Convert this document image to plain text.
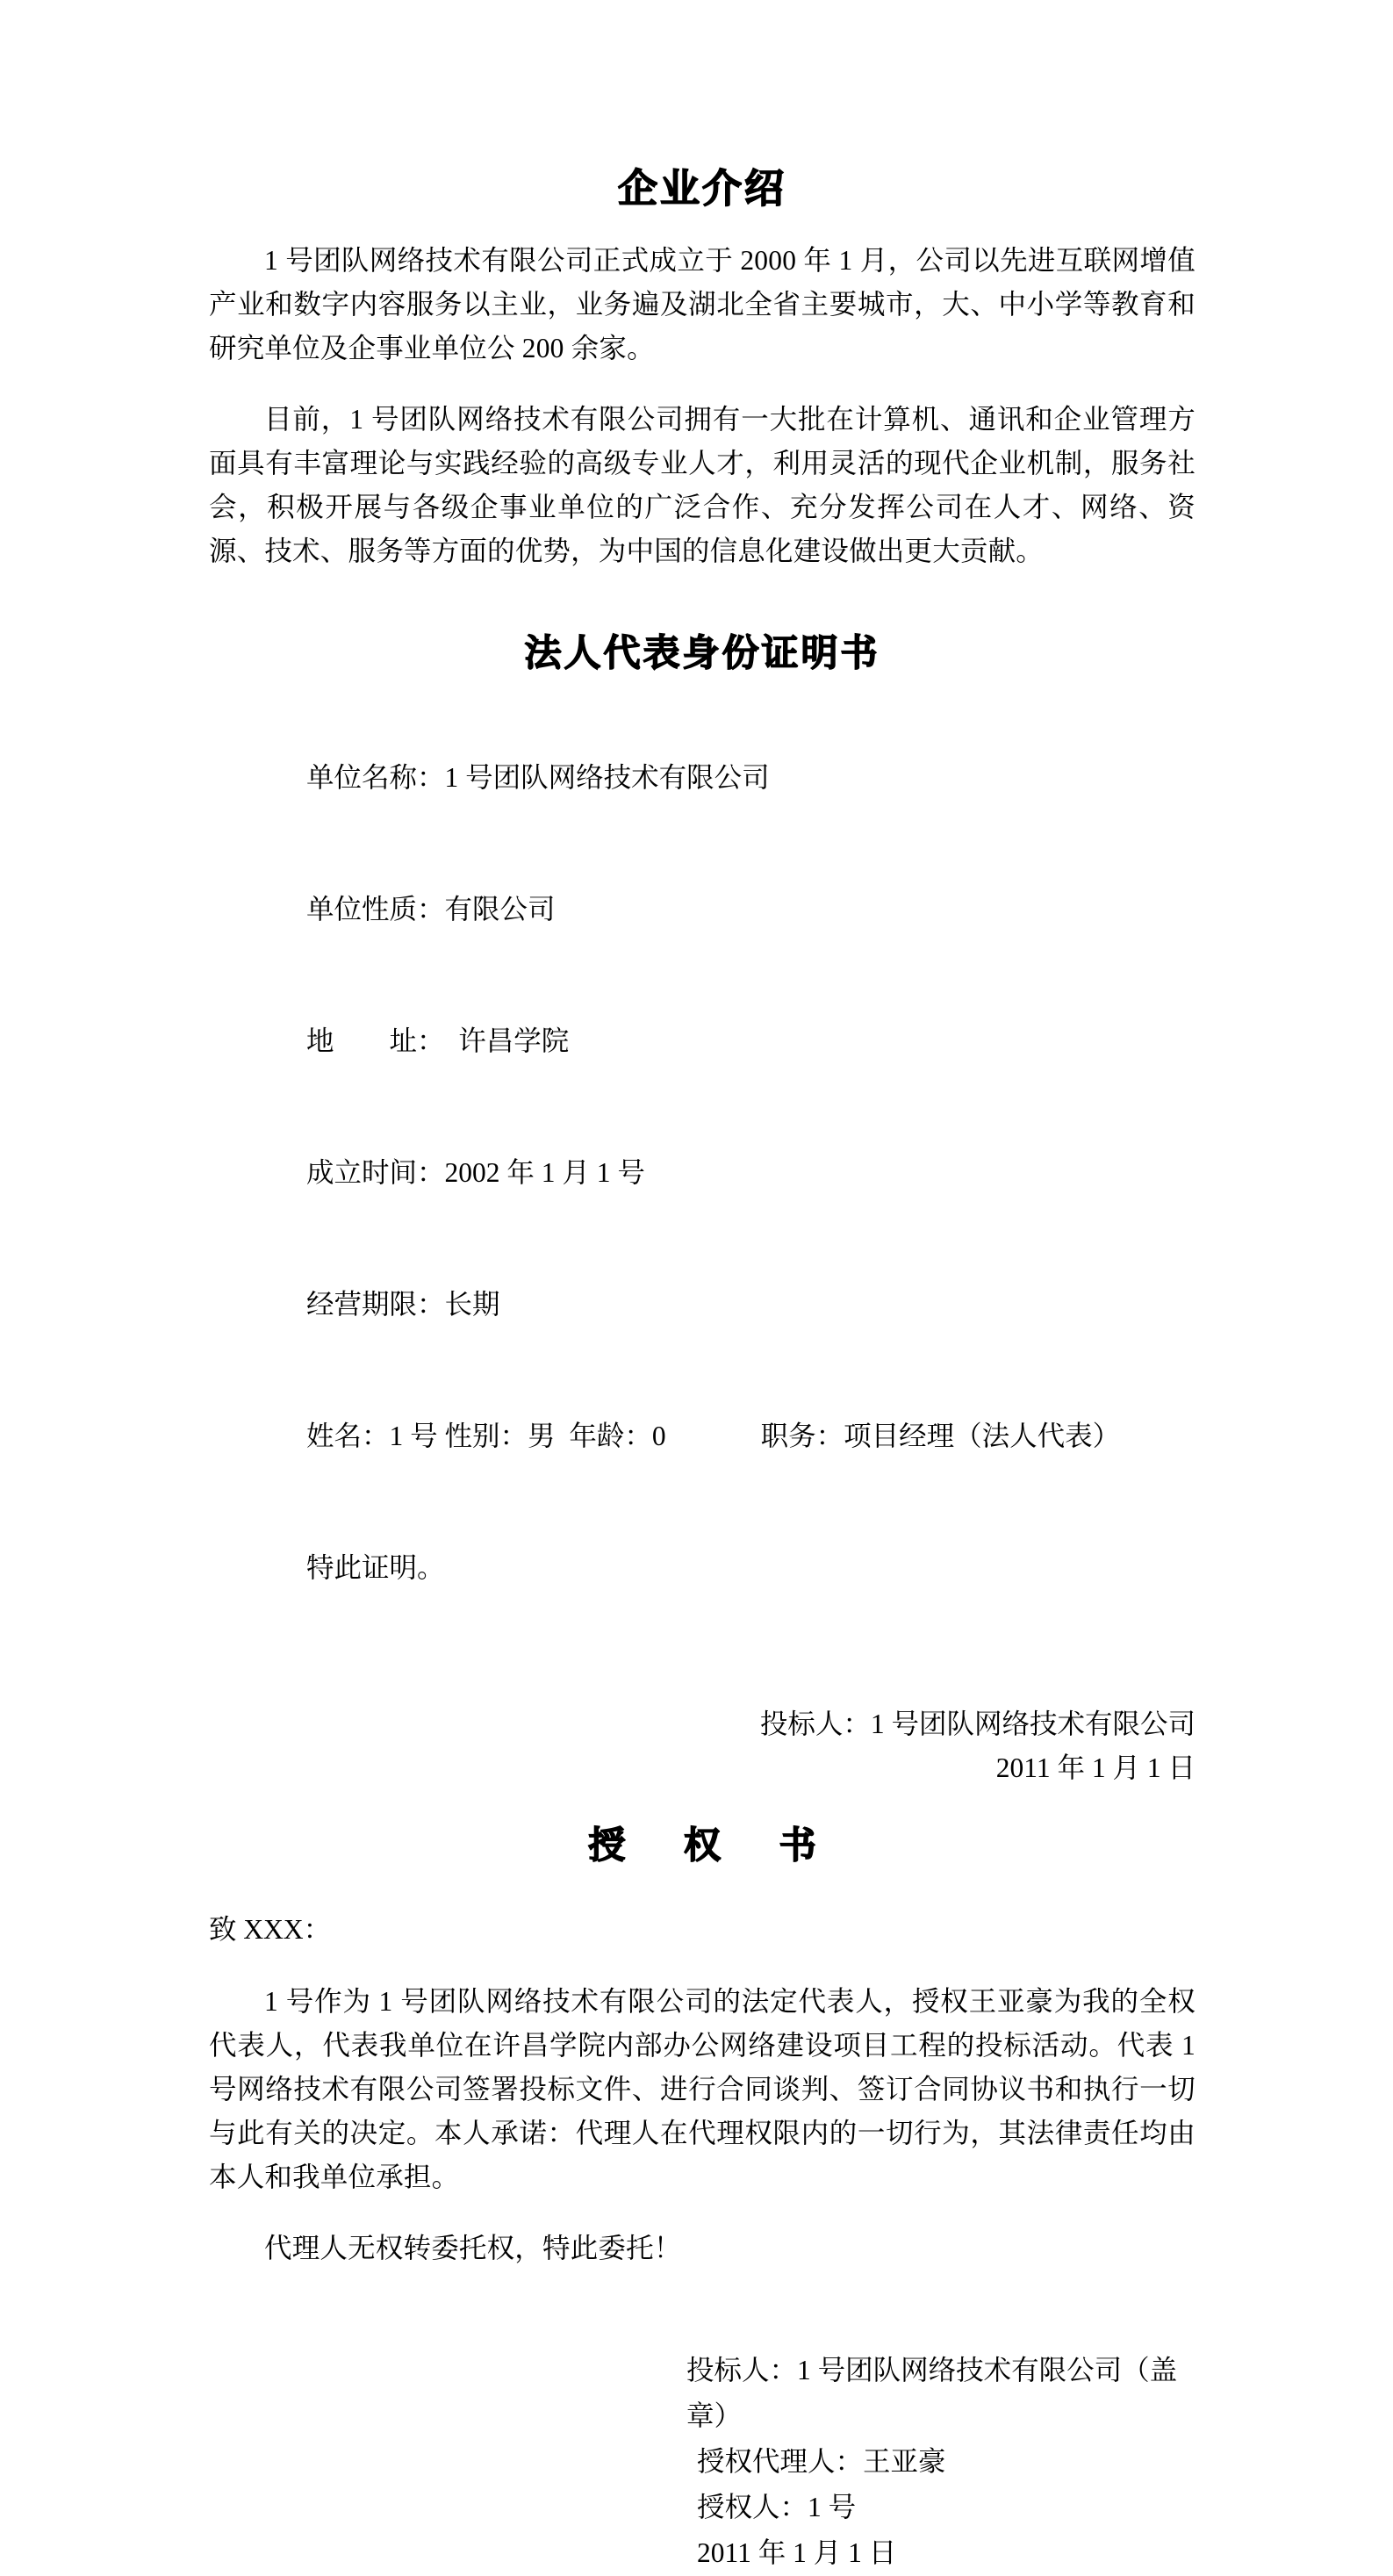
企业介绍

1 号团队网络技术有限公司正式成立于 2000 年 1 月，公司以先进互联网增值产业和数字内容服务以主业，业务遍及湖北全省主要城市，大、中小学等教育和研究单位及企事业单位公 200 余家。

目前，1 号团队网络技术有限公司拥有一大批在计算机、通讯和企业管理方面具有丰富理论与实践经验的高级专业人才，利用灵活的现代企业机制，服务社会，积极开展与各级企事业单位的广泛合作、充分发挥公司在人才、网络、资源、技术、服务等方面的优势，为中国的信息化建设做出更大贡献。

法人代表身份证明书

单位名称：1 号团队网络技术有限公司

单位性质：有限公司

地　　址：　许昌学院

成立时间：2002 年 1 月 1 号

经营期限：长期

姓名：1 号 性别：男 年龄：0	职务：项目经理（法人代表）

特此证明。

投标人：1 号团队网络技术有限公司
2011 年 1 月 1 日
授 权 书

致 XXX：

1 号作为 1 号团队网络技术有限公司的法定代表人，授权王亚豪为我的全权代表人，代表我单位在许昌学院内部办公网络建设项目工程的投标活动。代表 1 号网络技术有限公司签署投标文件、进行合同谈判、签订合同协议书和执行一切与此有关的决定。本人承诺：代理人在代理权限内的一切行为，其法律责任均由本人和我单位承担。

代理人无权转委托权，特此委托！

投标人：1 号团队网络技术有限公司（盖章）
授权代理人：王亚豪
授权人：1 号
2011 年 1 月 1 日
